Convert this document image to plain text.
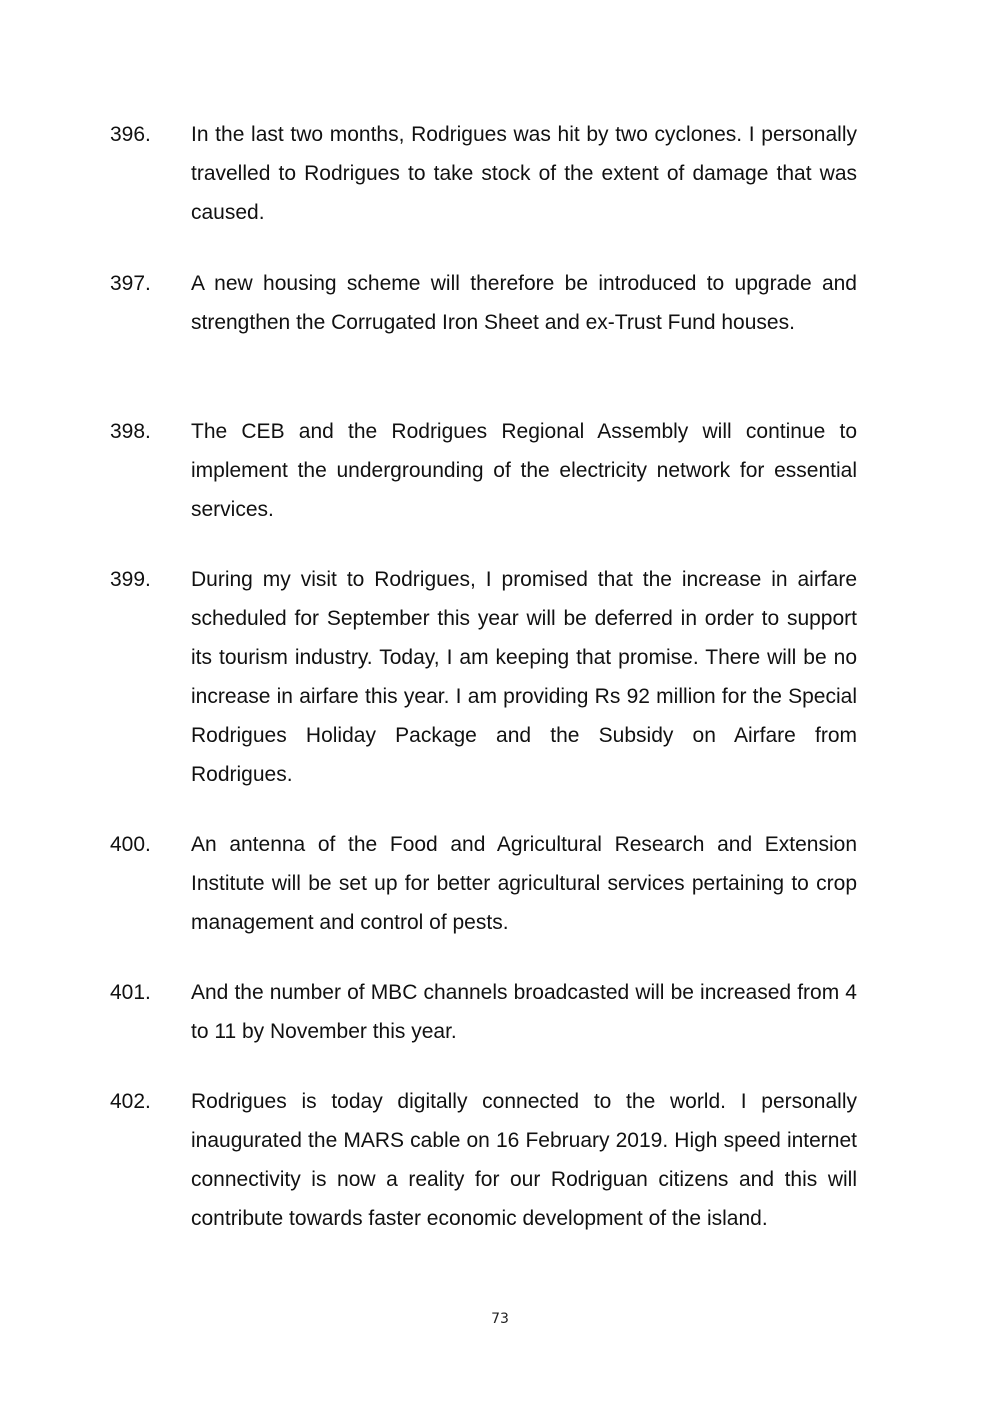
396. In the last two months, Rodrigues was hit by two cyclones. I personally travelled to Rodrigues to take stock of the extent of damage that was caused.

397. A new housing scheme will therefore be introduced to upgrade and strengthen the Corrugated Iron Sheet and ex-Trust Fund houses.

398. The CEB and the Rodrigues Regional Assembly will continue to implement the undergrounding of the electricity network for essential services.

399. During my visit to Rodrigues, I promised that the increase in airfare scheduled for September this year will be deferred in order to support its tourism industry. Today, I am keeping that promise. There will be no increase in airfare this year. I am providing Rs 92 million for the Special Rodrigues Holiday Package and the Subsidy on Airfare from Rodrigues.

400. An antenna of the Food and Agricultural Research and Extension Institute will be set up for better agricultural services pertaining to crop management and control of pests.

401. And the number of MBC channels broadcasted will be increased from 4 to 11 by November this year.

402. Rodrigues is today digitally connected to the world. I personally inaugurated the MARS cable on 16 February 2019. High speed internet connectivity is now a reality for our Rodriguan citizens and this will contribute towards faster economic development of the island.

73
